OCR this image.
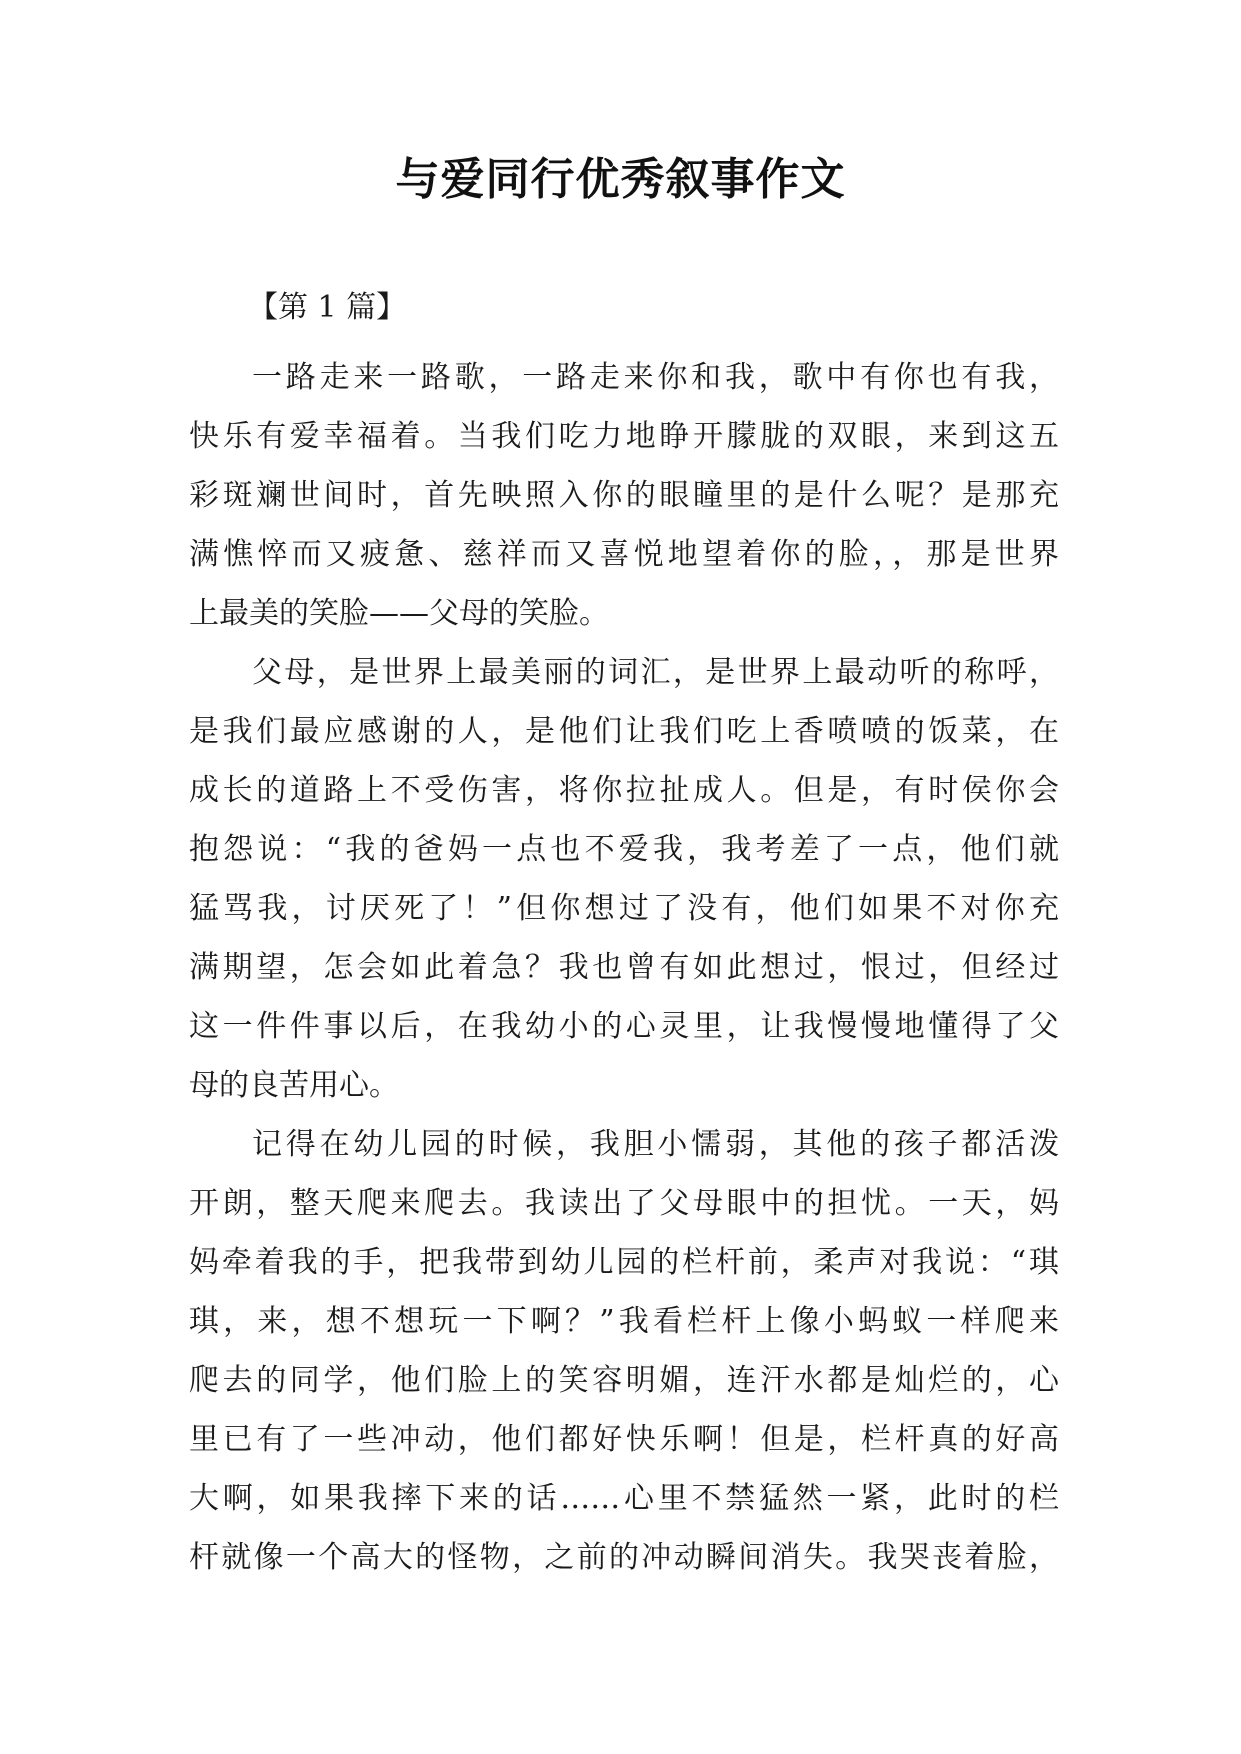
与爱同行优秀叙事作文
【第 1 篇】
一路走来一路歌，一路走来你和我，歌中有你也有我，
快乐有爱幸福着。当我们吃力地睁开朦胧的双眼，来到这五
彩斑斓世间时，首先映照入你的眼瞳里的是什么呢？是那充
满憔悴而又疲惫、慈祥而又喜悦地望着你的脸，，那是世界
上最美的笑脸——父母的笑脸。
父母，是世界上最美丽的词汇，是世界上最动听的称呼，
是我们最应感谢的人，是他们让我们吃上香喷喷的饭菜，在
成长的道路上不受伤害，将你拉扯成人。但是，有时侯你会
抱怨说：“我的爸妈一点也不爱我，我考差了一点，他们就
猛骂我，讨厌死了！”但你想过了没有，他们如果不对你充
满期望，怎会如此着急？我也曾有如此想过，恨过，但经过
这一件件事以后，在我幼小的心灵里，让我慢慢地懂得了父
母的良苦用心。
记得在幼儿园的时候，我胆小懦弱，其他的孩子都活泼
开朗，整天爬来爬去。我读出了父母眼中的担忧。一天，妈
妈牵着我的手，把我带到幼儿园的栏杆前，柔声对我说：“琪
琪，来，想不想玩一下啊？”我看栏杆上像小蚂蚁一样爬来
爬去的同学，他们脸上的笑容明媚，连汗水都是灿烂的，心
里已有了一些冲动，他们都好快乐啊！但是，栏杆真的好高
大啊，如果我摔下来的话……心里不禁猛然一紧，此时的栏
杆就像一个高大的怪物，之前的冲动瞬间消失。我哭丧着脸，
